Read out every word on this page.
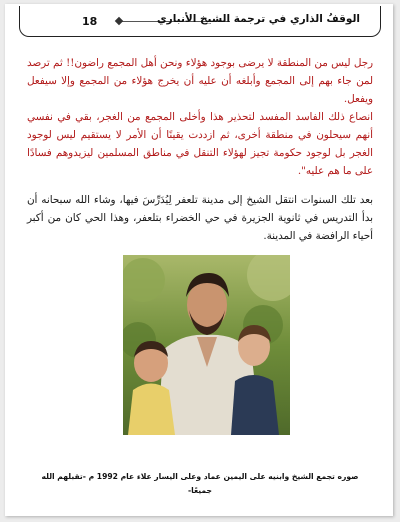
18	الوقفُ الذاري في ترجمة الشيخ الأنباري

رجل ليس من المنطقة لا يرضى بوجود هؤلاء ونحن أهل المجمع راضون!! ثم ترصد لمن جاء بهم إلى المجمع وأبلغه أن عليه أن يخرج هؤلاء من المجمع وإلا سيفعل ويفعل.

انصاع ذلك الفاسد المفسد لتحذير هذا وأخلى المجمع من الغجر، بقي في نفسي أنهم سيحلون في منطقة أخرى، ثم ازددت يقينًا أن الأمر لا يستقيم ليس لوجود الغجر بل لوجود حكومة تجيز لهؤلاء التنقل في مناطق المسلمين ليزيدوهم فسادًا على ما هم عليه".

بعد تلك السنوات انتقل الشيخ إلى مدينة تلعفر لِيُدَرِّسَ فيها، وشاء الله سبحانه أن بدأ التدريس في ثانوية الجزيرة في حي الخضراء بتلعفر، وهذا الحي كان من أكبر أحياء الرافضة في المدينة.

صوره تجمع الشيخ وابنيه على اليمين عماد وعلى اليسار علاء عام 1992 م -تقبلهم الله جميعًا-
